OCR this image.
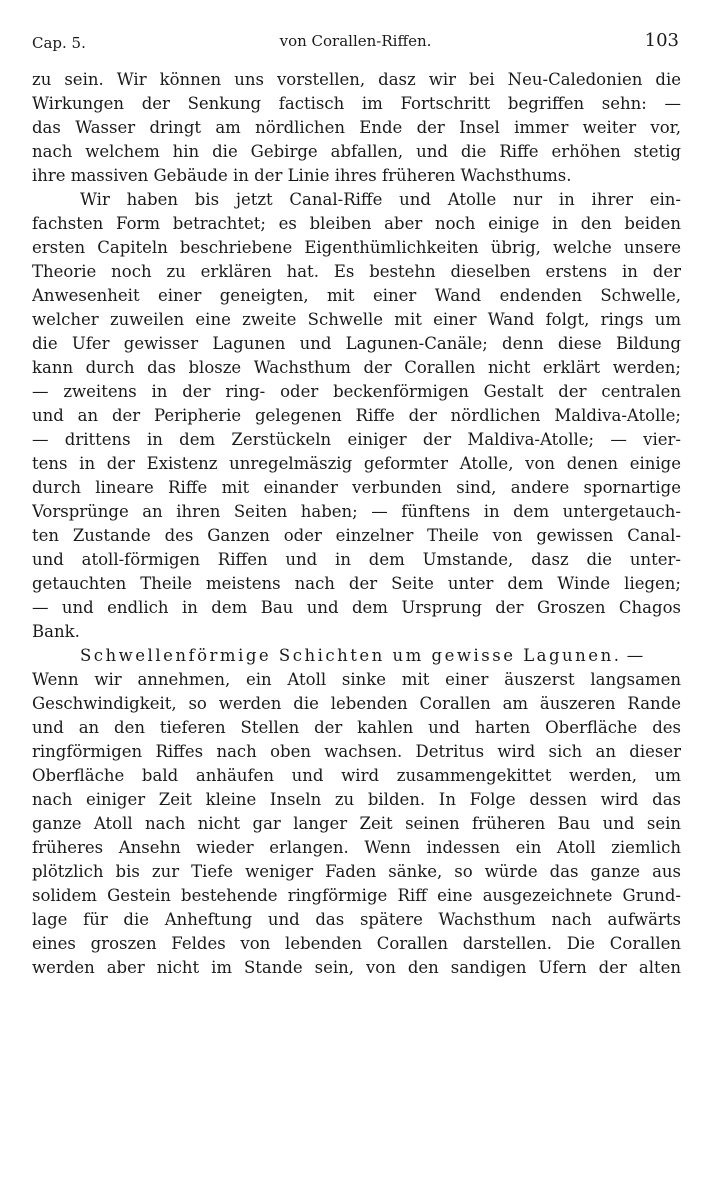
Cap. 5.	von Corallen-Riffen.	103
zu sein. Wir können uns vorstellen, dasz wir bei Neu-Caledonien die
Wirkungen der Senkung factisch im Fortschritt begriffen sehn: —
das Wasser dringt am nördlichen Ende der Insel immer weiter vor,
nach welchem hin die Gebirge abfallen, und die Riffe erhöhen stetig
ihre massiven Gebäude in der Linie ihres früheren Wachsthums.
Wir haben bis jetzt Canal-Riffe und Atolle nur in ihrer ein-
fachsten Form betrachtet; es bleiben aber noch einige in den beiden
ersten Capiteln beschriebene Eigenthümlichkeiten übrig, welche unsere
Theorie noch zu erklären hat. Es bestehn dieselben erstens in der
Anwesenheit einer geneigten, mit einer Wand endenden Schwelle,
welcher zuweilen eine zweite Schwelle mit einer Wand folgt, rings um
die Ufer gewisser Lagunen und Lagunen-Canäle; denn diese Bildung
kann durch das blosze Wachsthum der Corallen nicht erklärt werden;
— zweitens in der ring- oder beckenförmigen Gestalt der centralen
und an der Peripherie gelegenen Riffe der nördlichen Maldiva-Atolle;
— drittens in dem Zerstückeln einiger der Maldiva-Atolle; — vier-
tens in der Existenz unregelmäszig geformter Atolle, von denen einige
durch lineare Riffe mit einander verbunden sind, andere spornartige
Vorsprünge an ihren Seiten haben; — fünftens in dem untergetauch-
ten Zustande des Ganzen oder einzelner Theile von gewissen Canal-
und atoll-förmigen Riffen und in dem Umstande, dasz die unter-
getauchten Theile meistens nach der Seite unter dem Winde liegen;
— und endlich in dem Bau und dem Ursprung der Groszen Chagos
Bank.
Schwellenförmige Schichten um gewisse Lagunen. —
Wenn wir annehmen, ein Atoll sinke mit einer äuszerst langsamen
Geschwindigkeit, so werden die lebenden Corallen am äuszeren Rande
und an den tieferen Stellen der kahlen und harten Oberfläche des
ringförmigen Riffes nach oben wachsen. Detritus wird sich an dieser
Oberfläche bald anhäufen und wird zusammengekittet werden, um
nach einiger Zeit kleine Inseln zu bilden. In Folge dessen wird das
ganze Atoll nach nicht gar langer Zeit seinen früheren Bau und sein
früheres Ansehn wieder erlangen. Wenn indessen ein Atoll ziemlich
plötzlich bis zur Tiefe weniger Faden sänke, so würde das ganze aus
solidem Gestein bestehende ringförmige Riff eine ausgezeichnete Grund-
lage für die Anheftung und das spätere Wachsthum nach aufwärts
eines groszen Feldes von lebenden Corallen darstellen. Die Corallen
werden aber nicht im Stande sein, von den sandigen Ufern der alten
